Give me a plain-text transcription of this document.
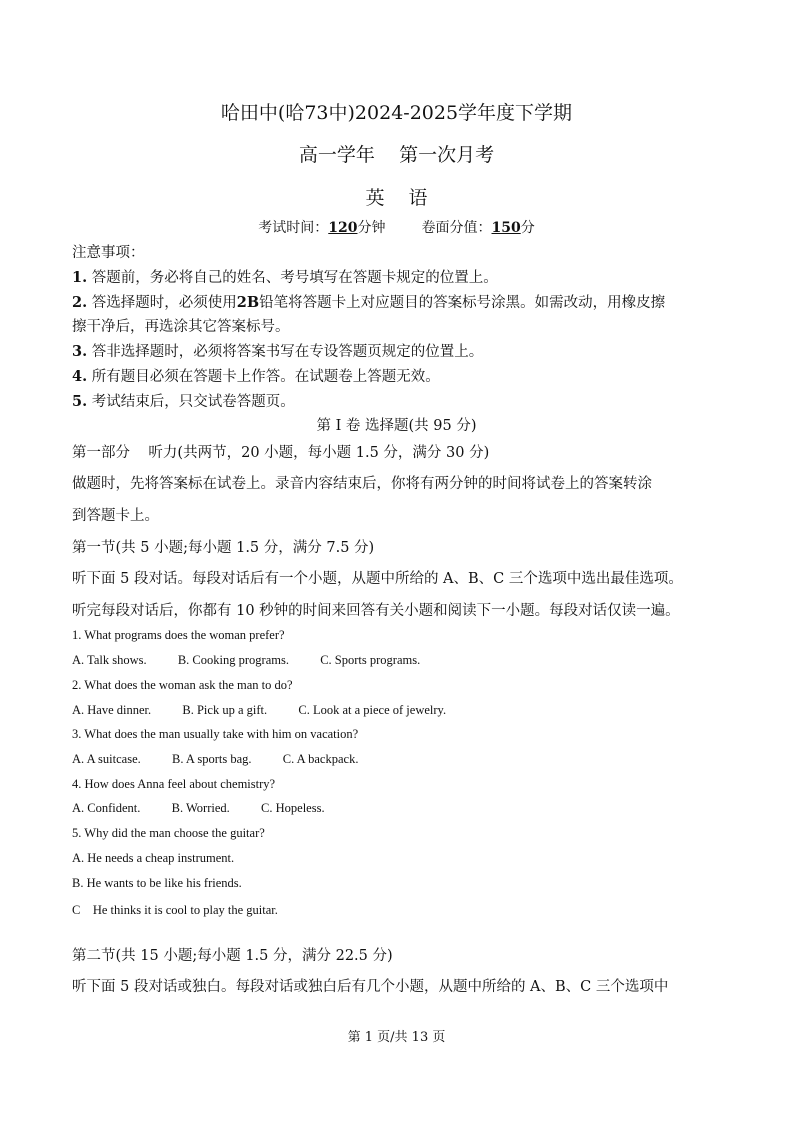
哈田中(哈73中)2024-2025学年度下学期
高一学年    第一次月考
英 语
考试时间：120分钟	卷面分值：150分
注意事项：
1. 答题前，务必将自己的姓名、考号填写在答题卡规定的位置上。
2. 答选择题时，必须使用2B铅笔将答题卡上对应题目的答案标号涂黑。如需改动，用橡皮擦
擦干净后，再选涂其它答案标号。
3. 答非选择题时，必须将答案书写在专设答题页规定的位置上。
4. 所有题目必须在答题卡上作答。在试题卷上答题无效。
5. 考试结束后，只交试卷答题页。
第 I 卷 选择题(共 95 分)
第一部分    听力(共两节，20 小题，每小题 1.5 分，满分 30 分)
做题时，先将答案标在试卷上。录音内容结束后，你将有两分钟的时间将试卷上的答案转涂
到答题卡上。
第一节(共 5 小题;每小题 1.5 分，满分 7.5 分)
听下面 5 段对话。每段对话后有一个小题，从题中所给的 A、B、C 三个选项中选出最佳选项。
听完每段对话后，你都有 10 秒钟的时间来回答有关小题和阅读下一小题。每段对话仅读一遍。
1. What programs does the woman prefer?
A. Talk shows.          B. Cooking programs.          C. Sports programs.
2. What does the woman ask the man to do?
A. Have dinner.          B. Pick up a gift.          C. Look at a piece of jewelry.
3. What does the man usually take with him on vacation?
A. A suitcase.          B. A sports bag.          C. A backpack.
4. How does Anna feel about chemistry?
A. Confident.          B. Worried.          C. Hopeless.
5. Why did the man choose the guitar?
A. He needs a cheap instrument.
B. He wants to be like his friends.
C    He thinks it is cool to play the guitar.
第二节(共 15 小题;每小题 1.5 分，满分 22.5 分)
听下面 5 段对话或独白。每段对话或独白后有几个小题，从题中所给的 A、B、C 三个选项中
第 1 页/共 13 页
